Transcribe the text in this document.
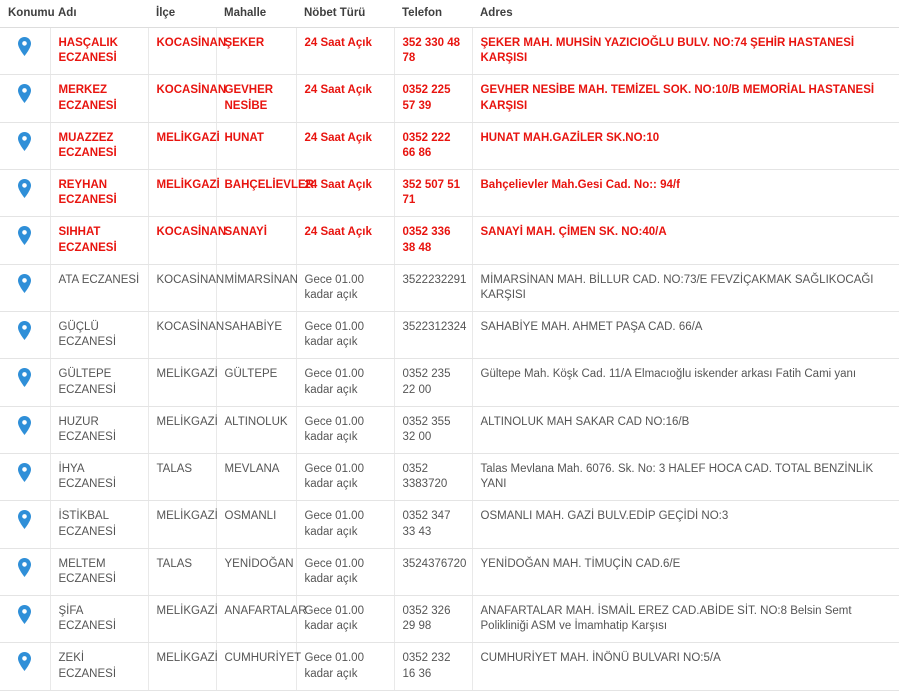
Konumu	Adı	İlçe	Mahalle	Nöbet Türü	Telefon	Adres

	HASÇALIK ECZANESİ	KOCASİNAN	ŞEKER	24 Saat Açık	352 330 48 78	ŞEKER MAH. MUHSİN YAZICIOĞLU BULV. NO:74 ŞEHİR HASTANESİ KARŞISI

	MERKEZ ECZANESİ	KOCASİNAN	GEVHER NESİBE	24 Saat Açık	0352 225 57 39	GEVHER NESİBE MAH. TEMİZEL SOK. NO:10/B MEMORİAL HASTANESİ KARŞISI

	MUAZZEZ ECZANESİ	MELİKGAZİ	HUNAT	24 Saat Açık	0352 222 66 86	HUNAT MAH.GAZİLER SK.NO:10

	REYHAN ECZANESİ	MELİKGAZİ	BAHÇELİEVLER	24 Saat Açık	352 507 51 71	Bahçelievler Mah.Gesi Cad. No:: 94/f

	SIHHAT ECZANESİ	KOCASİNAN	SANAYİ	24 Saat Açık	0352 336 38 48	SANAYİ MAH. ÇİMEN SK. NO:40/A

	ATA ECZANESİ	KOCASİNAN	MİMARSİNAN	Gece 01.00 kadar açık	3522232291	MİMARSİNAN MAH. BİLLUR CAD. NO:73/E FEVZİÇAKMAK SAĞLIKOCAĞI KARŞISI

	GÜÇLÜ ECZANESİ	KOCASİNAN	SAHABİYE	Gece 01.00 kadar açık	3522312324	SAHABİYE MAH. AHMET PAŞA CAD. 66/A

	GÜLTEPE ECZANESİ	MELİKGAZİ	GÜLTEPE	Gece 01.00 kadar açık	0352 235 22 00	Gültepe Mah. Köşk Cad. 11/A Elmacıoğlu iskender arkası Fatih Cami yanı

	HUZUR ECZANESİ	MELİKGAZİ	ALTINOLUK	Gece 01.00 kadar açık	0352 355 32 00	ALTINOLUK MAH SAKAR CAD NO:16/B

	İHYA ECZANESİ	TALAS	MEVLANA	Gece 01.00 kadar açık	0352 3383720	Talas Mevlana Mah. 6076. Sk. No: 3 HALEF HOCA CAD. TOTAL BENZİNLİK YANI

	İSTİKBAL ECZANESİ	MELİKGAZİ	OSMANLI	Gece 01.00 kadar açık	0352 347 33 43	OSMANLI MAH. GAZİ BULV.EDİP GEÇİDİ NO:3

	MELTEM ECZANESİ	TALAS	YENİDOĞAN	Gece 01.00 kadar açık	3524376720	YENİDOĞAN MAH. TİMUÇİN CAD.6/E

	ŞİFA ECZANESİ	MELİKGAZİ	ANAFARTALAR	Gece 01.00 kadar açık	0352 326 29 98	ANAFARTALAR MAH. İSMAİL EREZ CAD.ABİDE SİT. NO:8 Belsin Semt Polikliniği ASM ve İmamhatip Karşısı

	ZEKİ ECZANESİ	MELİKGAZİ	CUMHURİYET	Gece 01.00 kadar açık	0352 232 16 36	CUMHURİYET MAH. İNÖNÜ BULVARI NO:5/A
